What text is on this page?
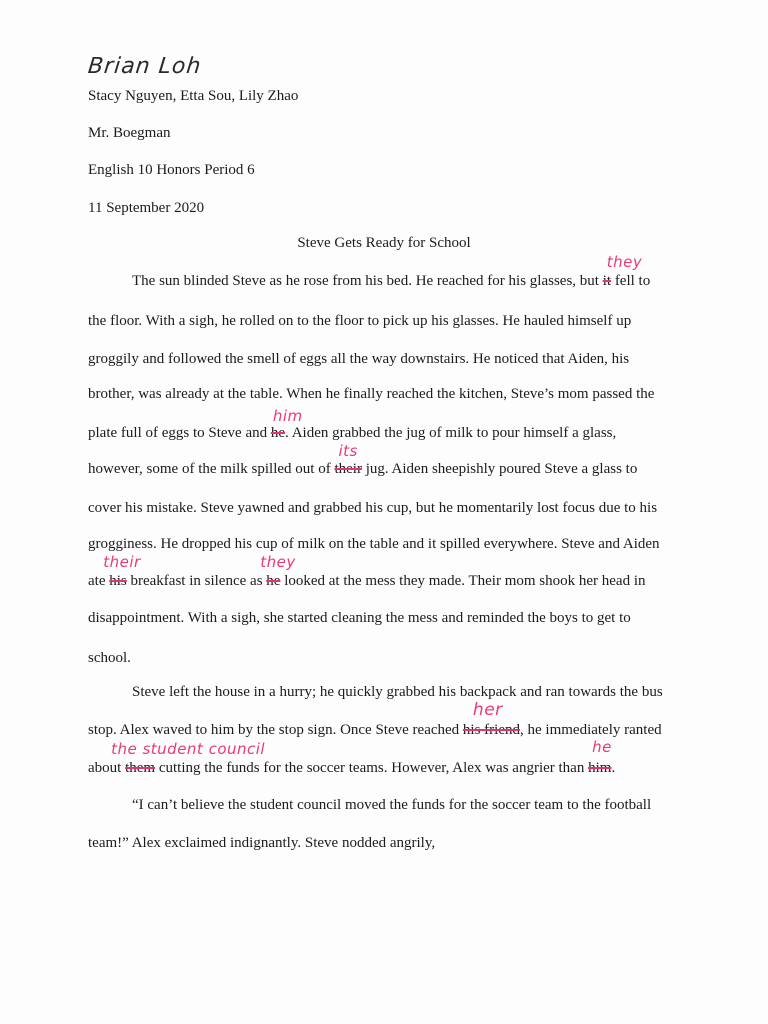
Brian Loh
Stacy Nguyen, Etta Sou, Lily Zhao
Mr. Boegman
English 10 Honors Period 6
11 September 2020
Steve Gets Ready for School
The sun blinded Steve as he rose from his bed. He reached for his glasses, but it
they
fell to
the floor. With a sigh, he rolled on to the floor to pick up his glasses. He hauled himself up
groggily and followed the smell of eggs all the way downstairs. He noticed that Aiden, his
brother, was already at the table. When he finally reached the kitchen, Steve’s mom passed the
plate full of eggs to Steve and he
him
. Aiden grabbed the jug of milk to pour himself a glass,
however, some of the milk spilled out of their
its
jug. Aiden sheepishly poured Steve a glass to
cover his mistake. Steve yawned and grabbed his cup, but he momentarily lost focus due to his
grogginess. He dropped his cup of milk on the table and it spilled everywhere. Steve and Aiden
ate his
their
breakfast in silence as he
they
looked at the mess they made. Their mom shook her head in
disappointment. With a sigh, she started cleaning the mess and reminded the boys to get to
school.
Steve left the house in a hurry; he quickly grabbed his backpack and ran towards the bus
stop. Alex waved to him by the stop sign. Once Steve reached his friend
her
, he immediately ranted
about them
the student council
cutting the funds for the soccer teams. However, Alex was angrier than him
he
.
“I can’t believe the student council moved the funds for the soccer team to the football
team!” Alex exclaimed indignantly. Steve nodded angrily,
